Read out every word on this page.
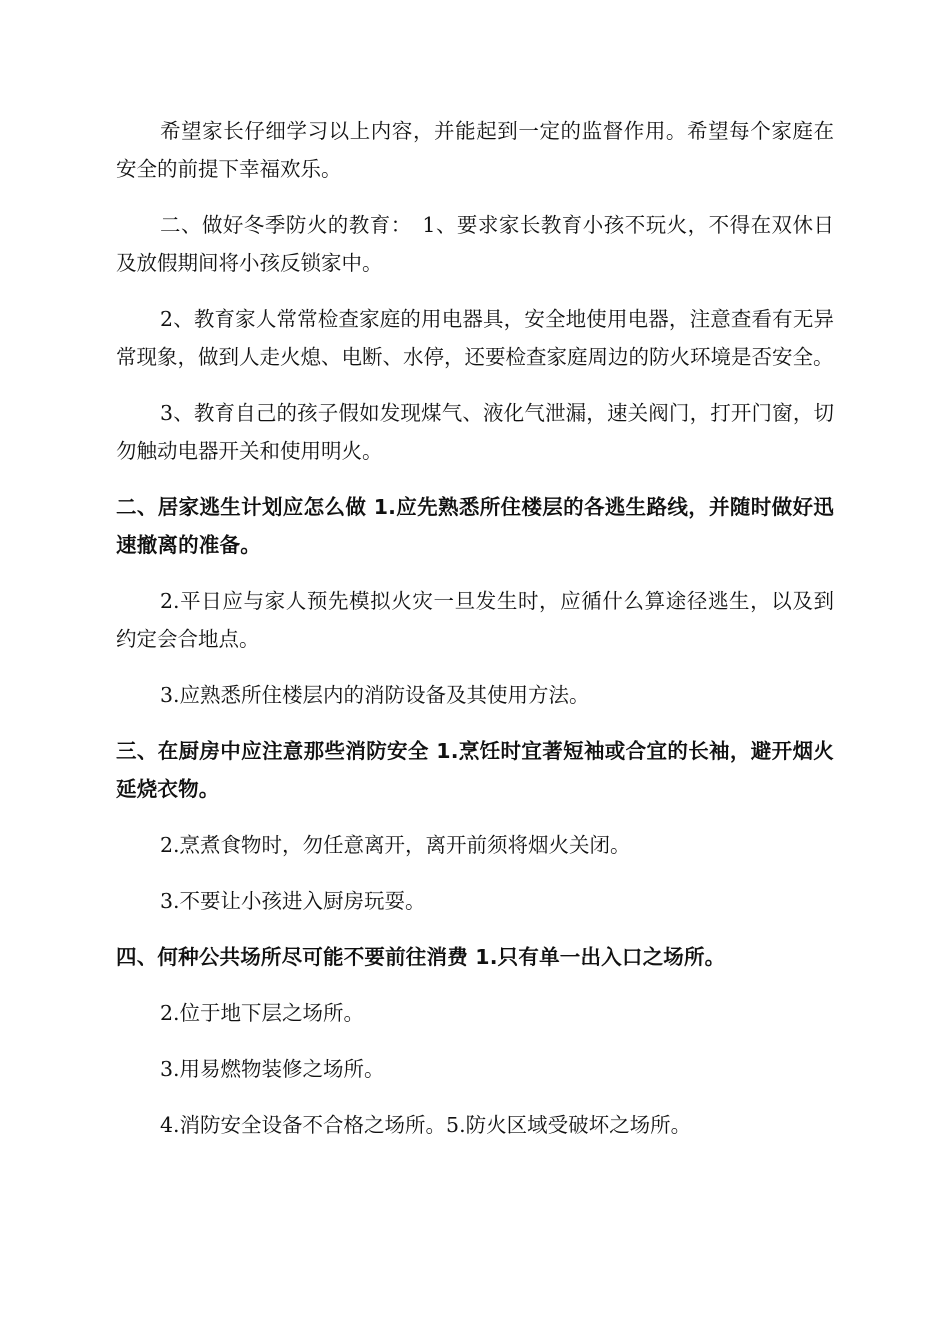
希望家长仔细学习以上内容，并能起到一定的监督作用。希望每个家庭在安全的前提下幸福欢乐。

二、做好冬季防火的教育：　1、要求家长教育小孩不玩火，不得在双休日及放假期间将小孩反锁家中。

2、教育家人常常检查家庭的用电器具，安全地使用电器，注意查看有无异常现象，做到人走火熄、电断、水停，还要检查家庭周边的防火环境是否安全。

3、教育自己的孩子假如发现煤气、液化气泄漏，速关阀门，打开门窗，切勿触动电器开关和使用明火。

二、居家逃生计划应怎么做 1.应先熟悉所住楼层的各逃生路线，并随时做好迅速撤离的准备。

2.平日应与家人预先模拟火灾一旦发生时，应循什么算途径逃生，以及到约定会合地点。

3.应熟悉所住楼层内的消防设备及其使用方法。

三、在厨房中应注意那些消防安全 1.烹饪时宜著短袖或合宜的长袖，避开烟火延烧衣物。

2.烹煮食物时，勿任意离开，离开前须将烟火关闭。

3.不要让小孩进入厨房玩耍。

四、何种公共场所尽可能不要前往消费 1.只有单一出入口之场所。

2.位于地下层之场所。

3.用易燃物装修之场所。

4.消防安全设备不合格之场所。5.防火区域受破坏之场所。
